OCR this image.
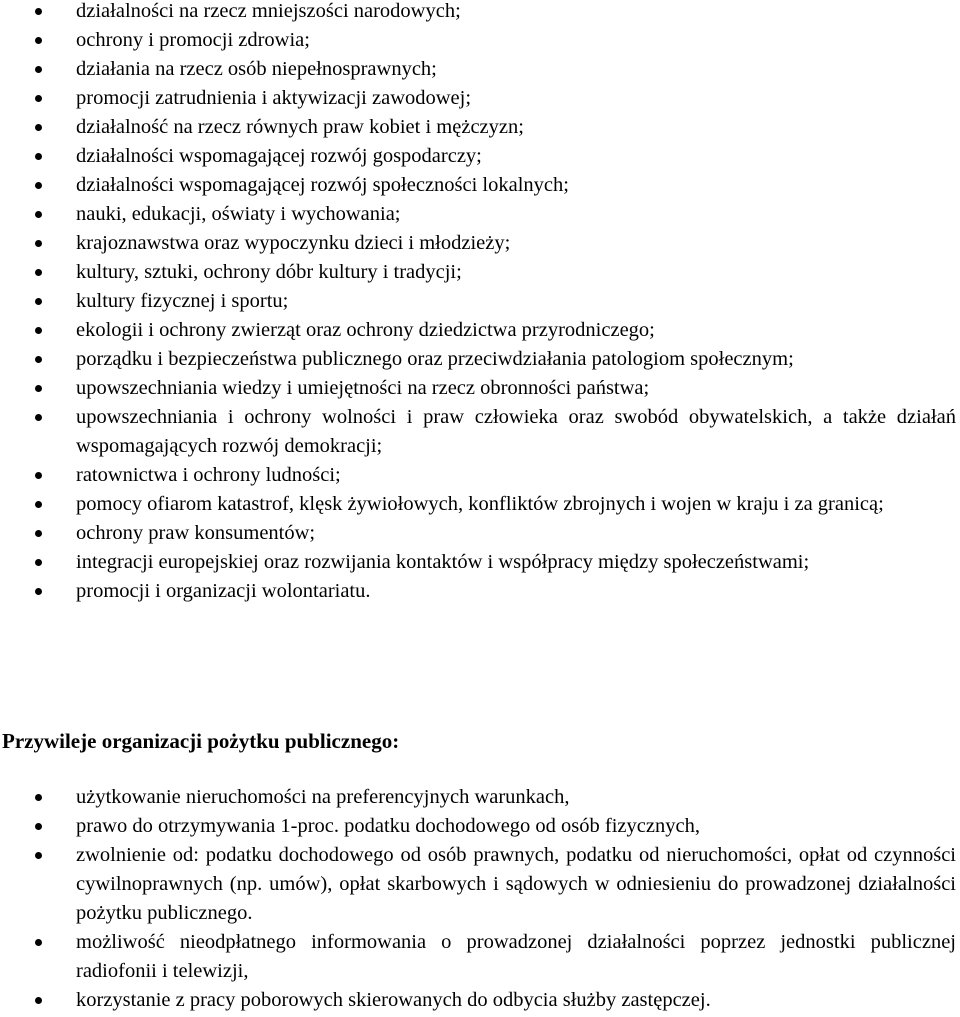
działalności na rzecz mniejszości narodowych;
ochrony i promocji zdrowia;
działania na rzecz osób niepełnosprawnych;
promocji zatrudnienia i aktywizacji zawodowej;
działalność na rzecz równych praw kobiet i mężczyzn;
działalności wspomagającej rozwój gospodarczy;
działalności wspomagającej rozwój społeczności lokalnych;
nauki, edukacji, oświaty i wychowania;
krajoznawstwa oraz wypoczynku dzieci i młodzieży;
kultury, sztuki, ochrony dóbr kultury i tradycji;
kultury fizycznej i sportu;
ekologii i ochrony zwierząt oraz ochrony dziedzictwa przyrodniczego;
porządku i bezpieczeństwa publicznego oraz przeciwdziałania patologiom społecznym;
upowszechniania wiedzy i umiejętności na rzecz obronności państwa;
upowszechniania i ochrony wolności i praw człowieka oraz swobód obywatelskich, a także działań wspomagających rozwój demokracji;
ratownictwa i ochrony ludności;
pomocy ofiarom katastrof, klęsk żywiołowych, konfliktów zbrojnych i wojen w kraju i za granicą;
ochrony praw konsumentów;
integracji europejskiej oraz rozwijania kontaktów i współpracy między społeczeństwami;
promocji i organizacji wolontariatu.
Przywileje organizacji pożytku publicznego:
użytkowanie nieruchomości na preferencyjnych warunkach,
prawo do otrzymywania 1-proc. podatku dochodowego od osób fizycznych,
zwolnienie od: podatku dochodowego od osób prawnych, podatku od nieruchomości, opłat od czynności cywilnoprawnych (np. umów), opłat skarbowych i sądowych w odniesieniu do prowadzonej działalności pożytku publicznego.
możliwość nieodpłatnego informowania o prowadzonej działalności poprzez jednostki publicznej radiofonii i telewizji,
korzystanie z pracy poborowych skierowanych do odbycia służby zastępczej.
